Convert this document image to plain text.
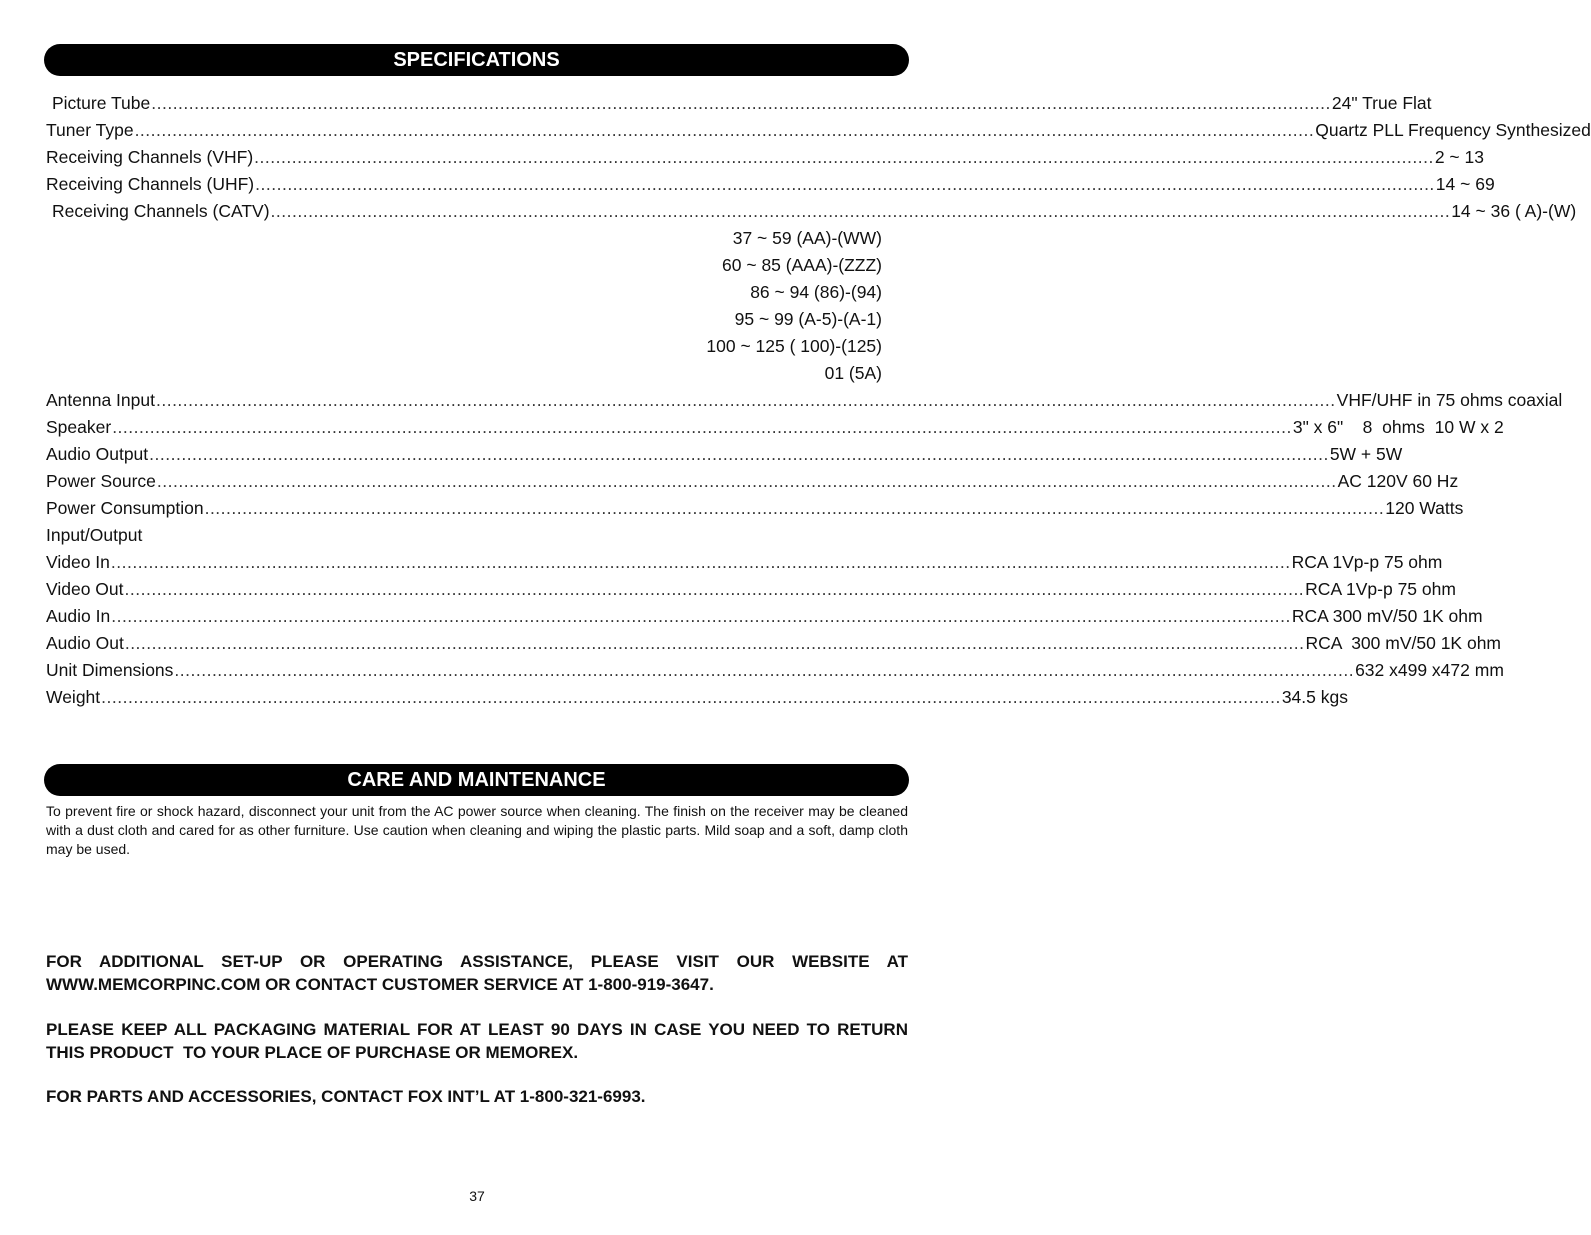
SPECIFICATIONS
Picture Tube ............................................................................................................................................................................................................................ 24" True Flat
Tuner Type ............................................................................................................................................................................................................................ Quartz PLL Frequency Synthesized
Receiving Channels (VHF) ............................................................................................................................................................................................................................ 2 ~ 13
Receiving Channels (UHF) ............................................................................................................................................................................................................................ 14 ~ 69
Receiving Channels (CATV) ............................................................................................................................................................................................................................ 14 ~ 36 ( A)-(W)
37 ~ 59 (AA)-(WW)
60 ~ 85 (AAA)-(ZZZ)
86 ~ 94 (86)-(94)
95 ~ 99 (A-5)-(A-1)
100 ~ 125 ( 100)-(125)
01 (5A)
Antenna Input ............................................................................................................................................................................................................................ VHF/UHF in 75 ohms coaxial
Speaker ............................................................................................................................................................................................................................ 3" x 6"    8  ohms  10 W x 2
Audio Output ............................................................................................................................................................................................................................ 5W + 5W
Power Source ............................................................................................................................................................................................................................ AC 120V 60 Hz
Power Consumption ............................................................................................................................................................................................................................ 120 Watts
Input/Output
Video In ............................................................................................................................................................................................................................ RCA 1Vp-p 75 ohm
Video Out ............................................................................................................................................................................................................................ RCA 1Vp-p 75 ohm
Audio In ............................................................................................................................................................................................................................ RCA 300 mV/50 1K ohm
Audio Out ............................................................................................................................................................................................................................ RCA  300 mV/50 1K ohm
Unit Dimensions ............................................................................................................................................................................................................................ 632 x499 x472 mm
Weight ............................................................................................................................................................................................................................ 34.5 kgs
CARE AND MAINTENANCE

To prevent fire or shock hazard, disconnect your unit from the AC power source when cleaning. The finish on the receiver may be cleaned with a dust cloth and cared for as other furniture. Use caution when cleaning and wiping the plastic parts. Mild soap and a soft, damp cloth may be used.

FOR ADDITIONAL SET-UP OR OPERATING ASSISTANCE, PLEASE VISIT OUR WEBSITE AT WWW.MEMCORPINC.COM OR CONTACT CUSTOMER SERVICE AT 1-800-919-3647.

PLEASE KEEP ALL PACKAGING MATERIAL FOR AT LEAST 90 DAYS IN CASE YOU NEED TO RETURN THIS PRODUCT  TO YOUR PLACE OF PURCHASE OR MEMOREX.

FOR PARTS AND ACCESSORIES, CONTACT FOX INT’L AT 1-800-321-6993.

37
